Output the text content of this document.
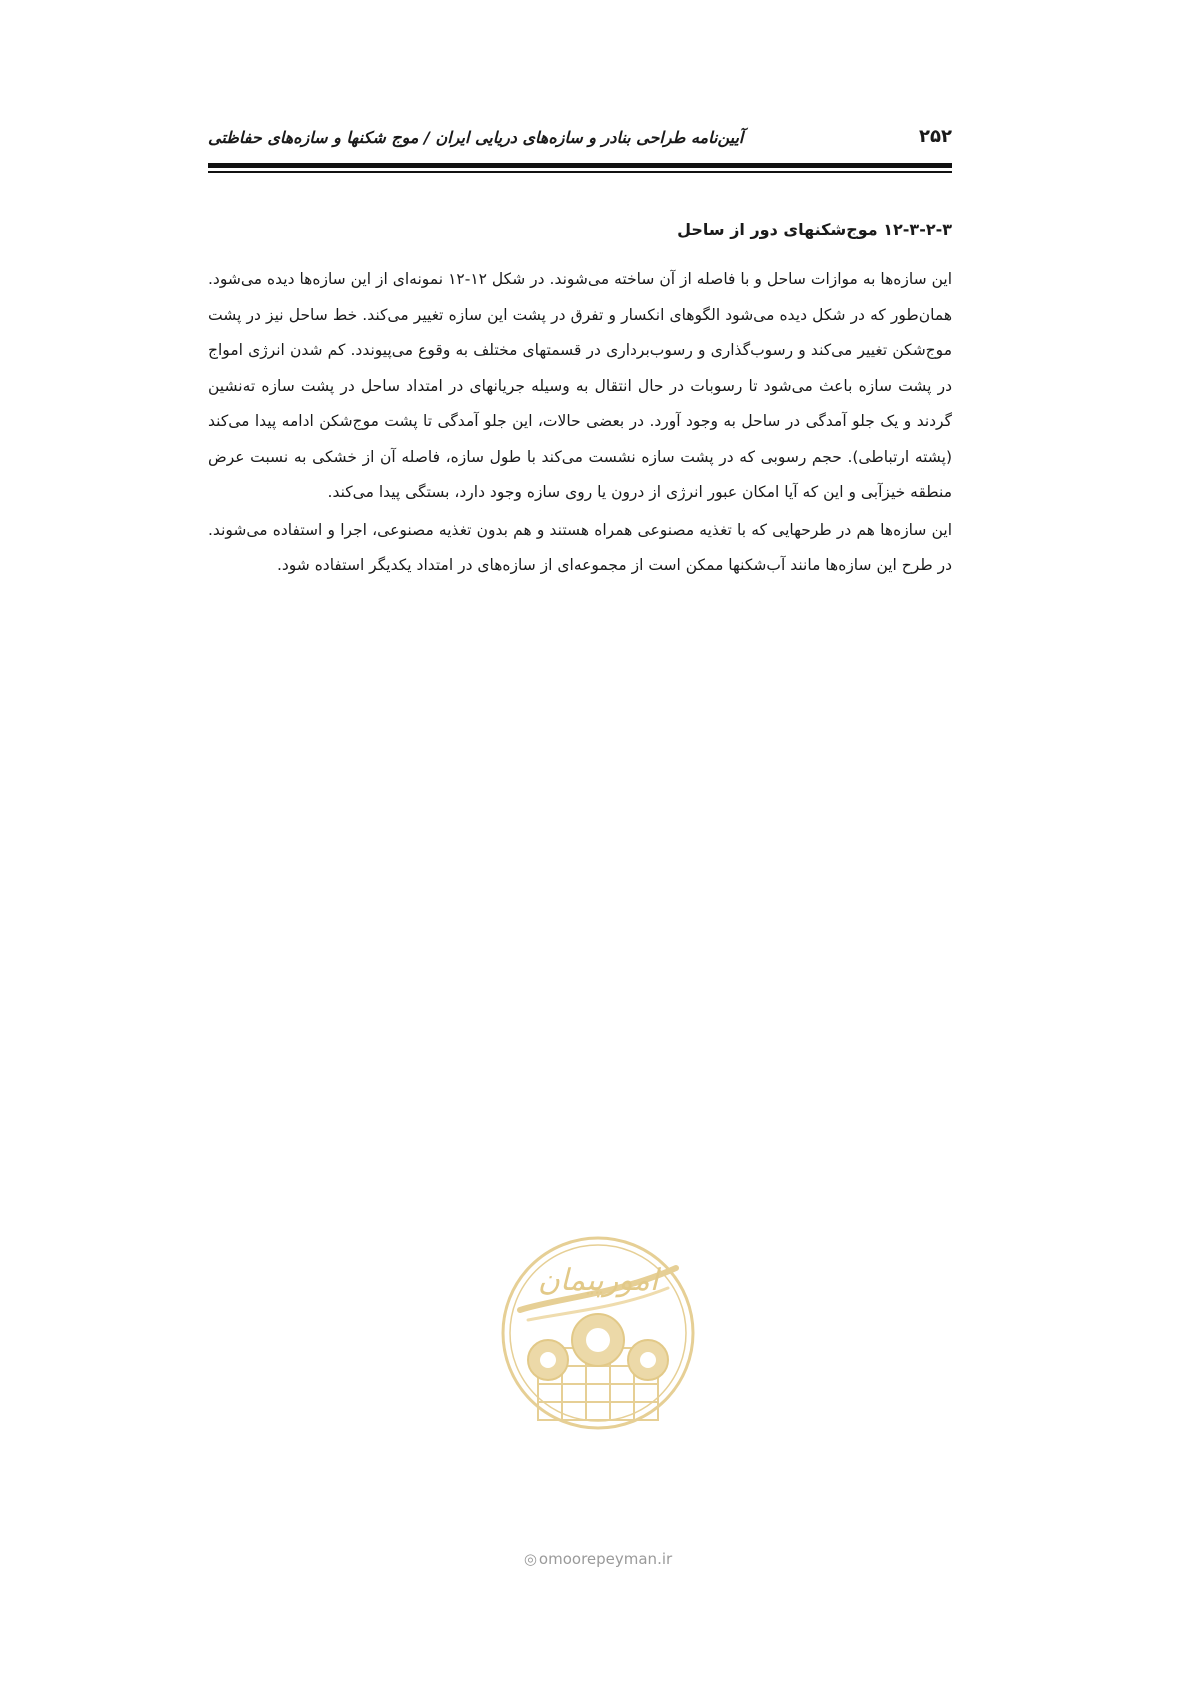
۲۵۲
آیین‌نامه طراحی بنادر و سازه‌های دریایی ایران / موج‌ شکنها و سازه‌های حفاظتی
۱۲-۳-۲-۳ موج‌شکنهای دور از ساحل

این سازه‌ها به موازات ساحل و با فاصله از آن ساخته می‌شوند. در شکل ۱۲-۱۲ نمونه‌ای از این سازه‌ها دیده می‌شود. همان‌طور که در شکل دیده می‌شود الگوهای انکسار و تفرق در پشت این سازه تغییر می‌کند. خط ساحل نیز در پشت موج‌شکن تغییر می‌کند و رسوب‌گذاری و رسوب‌برداری در قسمتهای مختلف به وقوع می‌پیوندد. کم شدن انرژی امواج در پشت سازه باعث می‌شود تا رسوبات در حال انتقال به وسیله جریانهای در امتداد ساحل در پشت سازه ته‌نشین گردند و یک جلو آمدگی در ساحل به وجود آورد. در بعضی حالات، این جلو آمدگی تا پشت موج‌شکن ادامه پیدا می‌کند (پشته ارتباطی). حجم رسوبی که در پشت سازه نشست می‌کند با طول سازه، فاصله آن از خشکی به نسبت عرض منطقه خیزآبی و این که آیا امکان عبور انرژی از درون یا روی سازه وجود دارد، بستگی پیدا می‌کند.

این سازه‌ها هم در طرحهایی که با تغذیه مصنوعی همراه هستند و هم بدون تغذیه مصنوعی، اجرا و استفاده می‌شوند. در طرح این سازه‌ها مانند آب‌شکنها ممکن است از مجموعه‌ای از سازه‌های در امتداد یکدیگر استفاده شود.

امورپیمان
◎ omoorepeyman.ir
